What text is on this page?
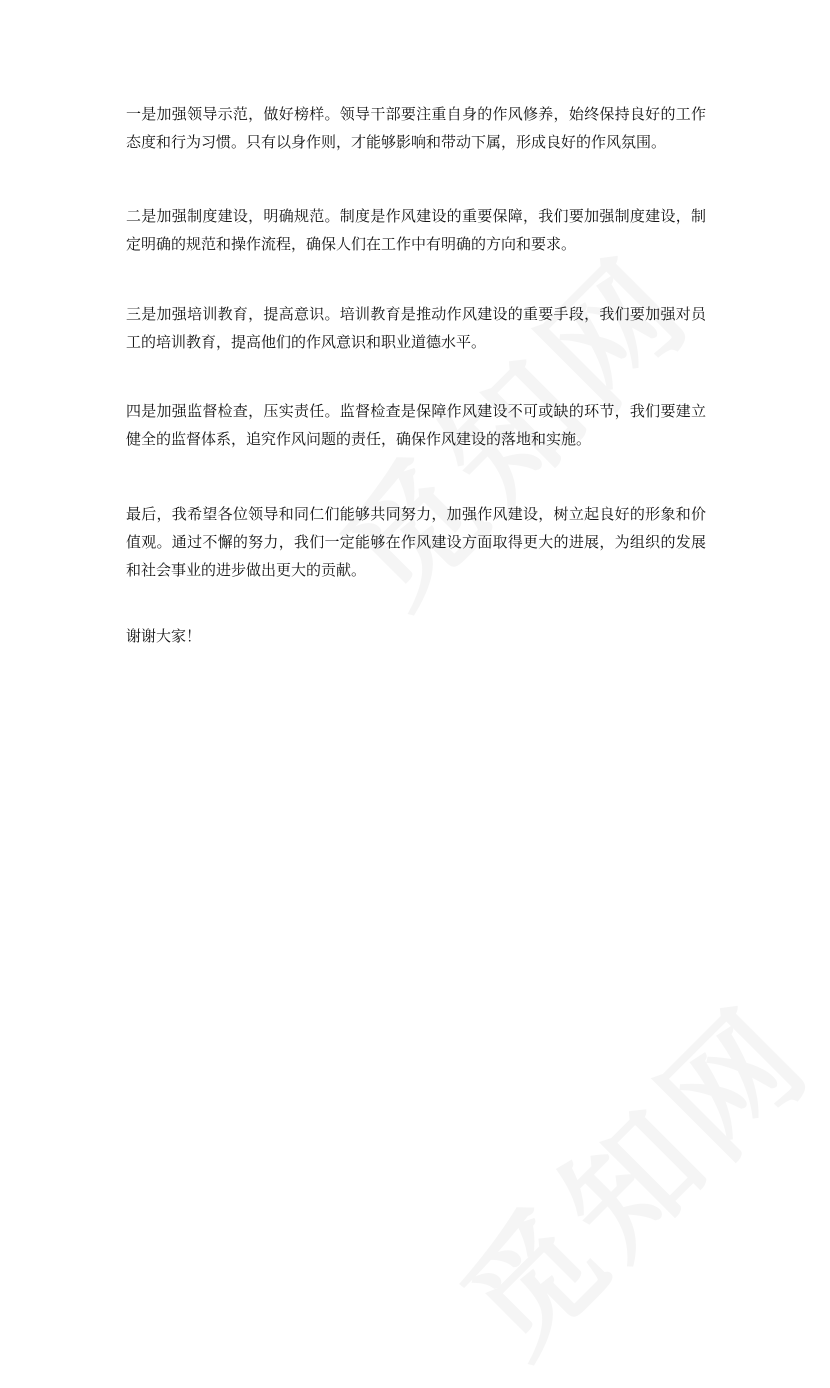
一是加强领导示范，做好榜样。领导干部要注重自身的作风修养，始终保持良好的工作态度和行为习惯。只有以身作则，才能够影响和带动下属，形成良好的作风氛围。

二是加强制度建设，明确规范。制度是作风建设的重要保障，我们要加强制度建设，制定明确的规范和操作流程，确保人们在工作中有明确的方向和要求。

三是加强培训教育，提高意识。培训教育是推动作风建设的重要手段，我们要加强对员工的培训教育，提高他们的作风意识和职业道德水平。

四是加强监督检查，压实责任。监督检查是保障作风建设不可或缺的环节，我们要建立健全的监督体系，追究作风问题的责任，确保作风建设的落地和实施。

最后，我希望各位领导和同仁们能够共同努力，加强作风建设，树立起良好的形象和价值观。通过不懈的努力，我们一定能够在作风建设方面取得更大的进展，为组织的发展和社会事业的进步做出更大的贡献。

谢谢大家！
